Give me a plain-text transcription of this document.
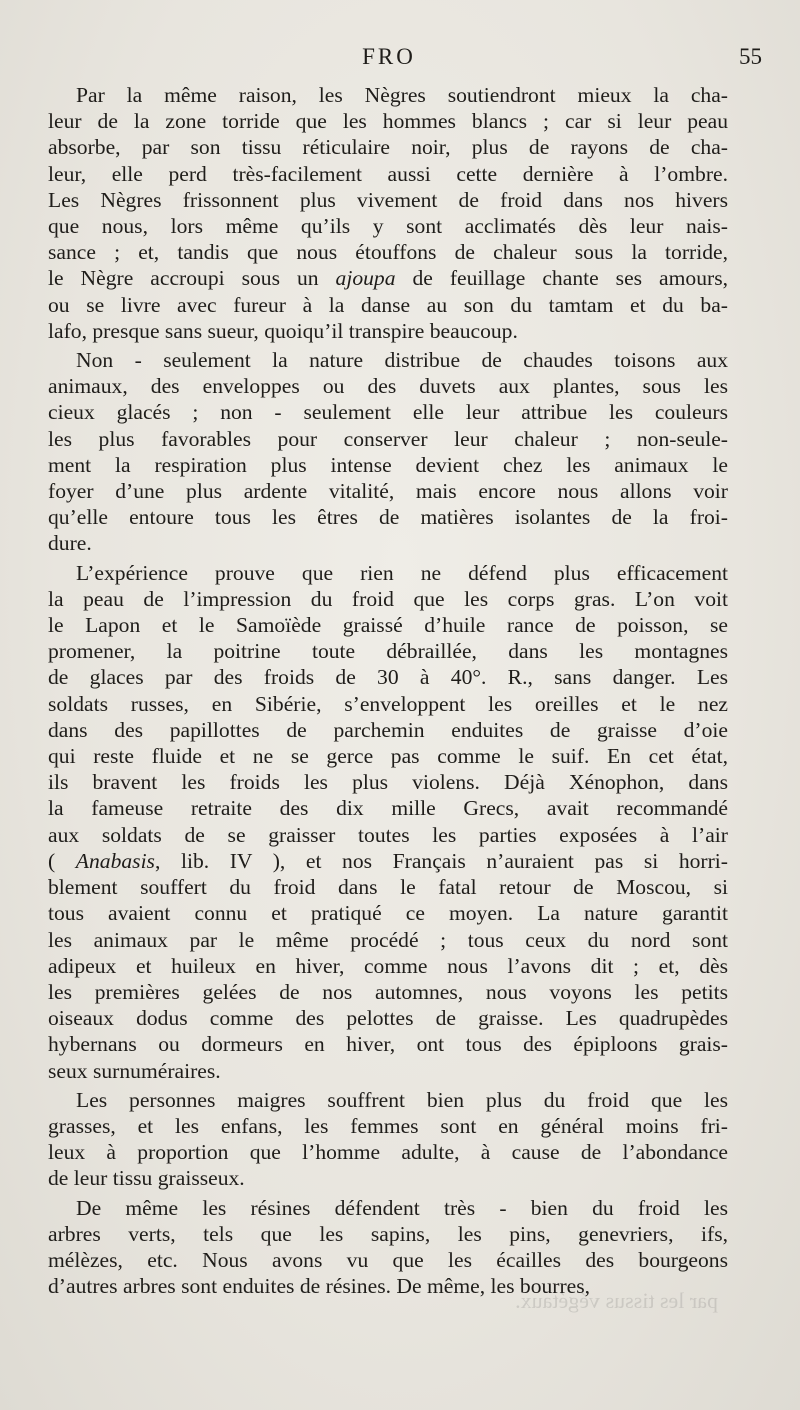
FRO	55
Par la même raison, les Nègres soutiendront mieux la cha-
leur de la zone torride que les hommes blancs ; car si leur peau
absorbe, par son tissu réticulaire noir, plus de rayons de cha-
leur, elle perd très-facilement aussi cette dernière à l’ombre.
Les Nègres frissonnent plus vivement de froid dans nos hivers
que nous, lors même qu’ils y sont acclimatés dès leur nais-
sance ; et, tandis que nous étouffons de chaleur sous la torride,
le Nègre accroupi sous un ajoupa de feuillage chante ses amours,
ou se livre avec fureur à la danse au son du tamtam et du ba-
lafo, presque sans sueur, quoiqu’il transpire beaucoup.
Non - seulement la nature distribue de chaudes toisons aux
animaux, des enveloppes ou des duvets aux plantes, sous les
cieux glacés ; non - seulement elle leur attribue les couleurs
les plus favorables pour conserver leur chaleur ; non-seule-
ment la respiration plus intense devient chez les animaux le
foyer d’une plus ardente vitalité, mais encore nous allons voir
qu’elle entoure tous les êtres de matières isolantes de la froi-
dure.
L’expérience prouve que rien ne défend plus efficacement
la peau de l’impression du froid que les corps gras. L’on voit
le Lapon et le Samoïède graissé d’huile rance de poisson, se
promener, la poitrine toute débraillée, dans les montagnes
de glaces par des froids de 30 à 40°. R., sans danger. Les
soldats russes, en Sibérie, s’enveloppent les oreilles et le nez
dans des papillottes de parchemin enduites de graisse d’oie
qui reste fluide et ne se gerce pas comme le suif. En cet état,
ils bravent les froids les plus violens. Déjà Xénophon, dans
la fameuse retraite des dix mille Grecs, avait recommandé
aux soldats de se graisser toutes les parties exposées à l’air
( Anabasis, lib. IV ), et nos Français n’auraient pas si horri-
blement souffert du froid dans le fatal retour de Moscou, si
tous avaient connu et pratiqué ce moyen. La nature garantit
les animaux par le même procédé ; tous ceux du nord sont
adipeux et huileux en hiver, comme nous l’avons dit ; et, dès
les premières gelées de nos automnes, nous voyons les petits
oiseaux dodus comme des pelottes de graisse. Les quadrupèdes
hybernans ou dormeurs en hiver, ont tous des épiploons grais-
seux surnuméraires.
Les personnes maigres souffrent bien plus du froid que les
grasses, et les enfans, les femmes sont en général moins fri-
leux à proportion que l’homme adulte, à cause de l’abondance
de leur tissu graisseux.
De même les résines défendent très - bien du froid les
arbres verts, tels que les sapins, les pins, genevriers, ifs,
mélèzes, etc. Nous avons vu que les écailles des bourgeons
d’autres arbres sont enduites de résines. De même, les bourres,
par les tissus végétaux.
